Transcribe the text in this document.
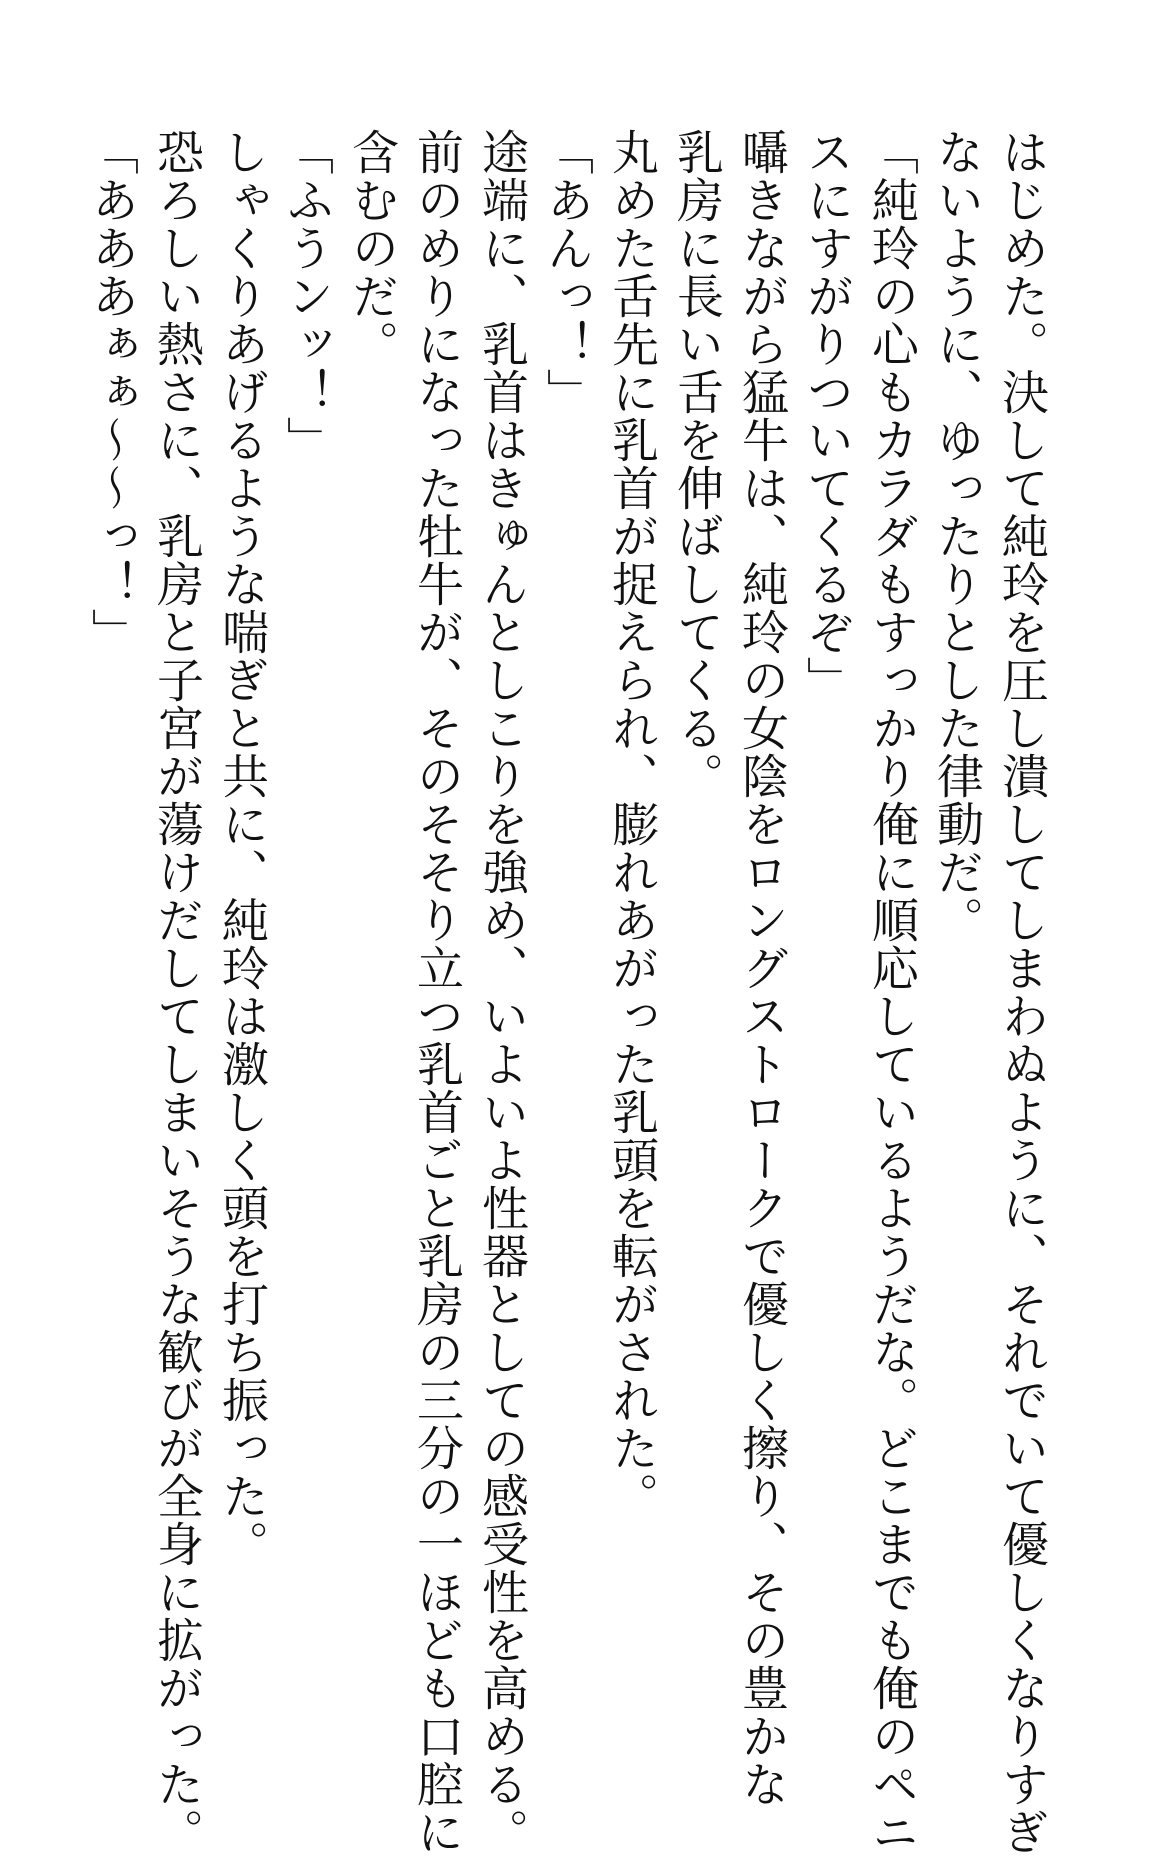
はじめた。決して純玲を圧し潰してしまわぬように、それでいて優しくなりすぎ

ないように、ゆったりとした律動だ。

「純玲の心もカラダもすっかり俺に順応しているようだな。どこまでも俺のペニ

スにすがりついてくるぞ」

囁きながら猛牛は、純玲の女陰をロングストロークで優しく擦り、その豊かな

乳房に長い舌を伸ばしてくる。

丸めた舌先に乳首が捉えられ、膨れあがった乳頭を転がされた。

「あんっ！」

途端に、乳首はきゅんとしこりを強め、いよいよ性器としての感受性を高める。

前のめりになった牡牛が、そのそそり立つ乳首ごと乳房の三分の一ほども口腔に

含むのだ。

「ふうンッ！」

しゃくりあげるような喘ぎと共に、純玲は激しく頭を打ち振った。

恐ろしい熱さに、乳房と子宮が蕩けだしてしまいそうな歓びが全身に拡がった。

「あああぁぁ〜〜っ！」
